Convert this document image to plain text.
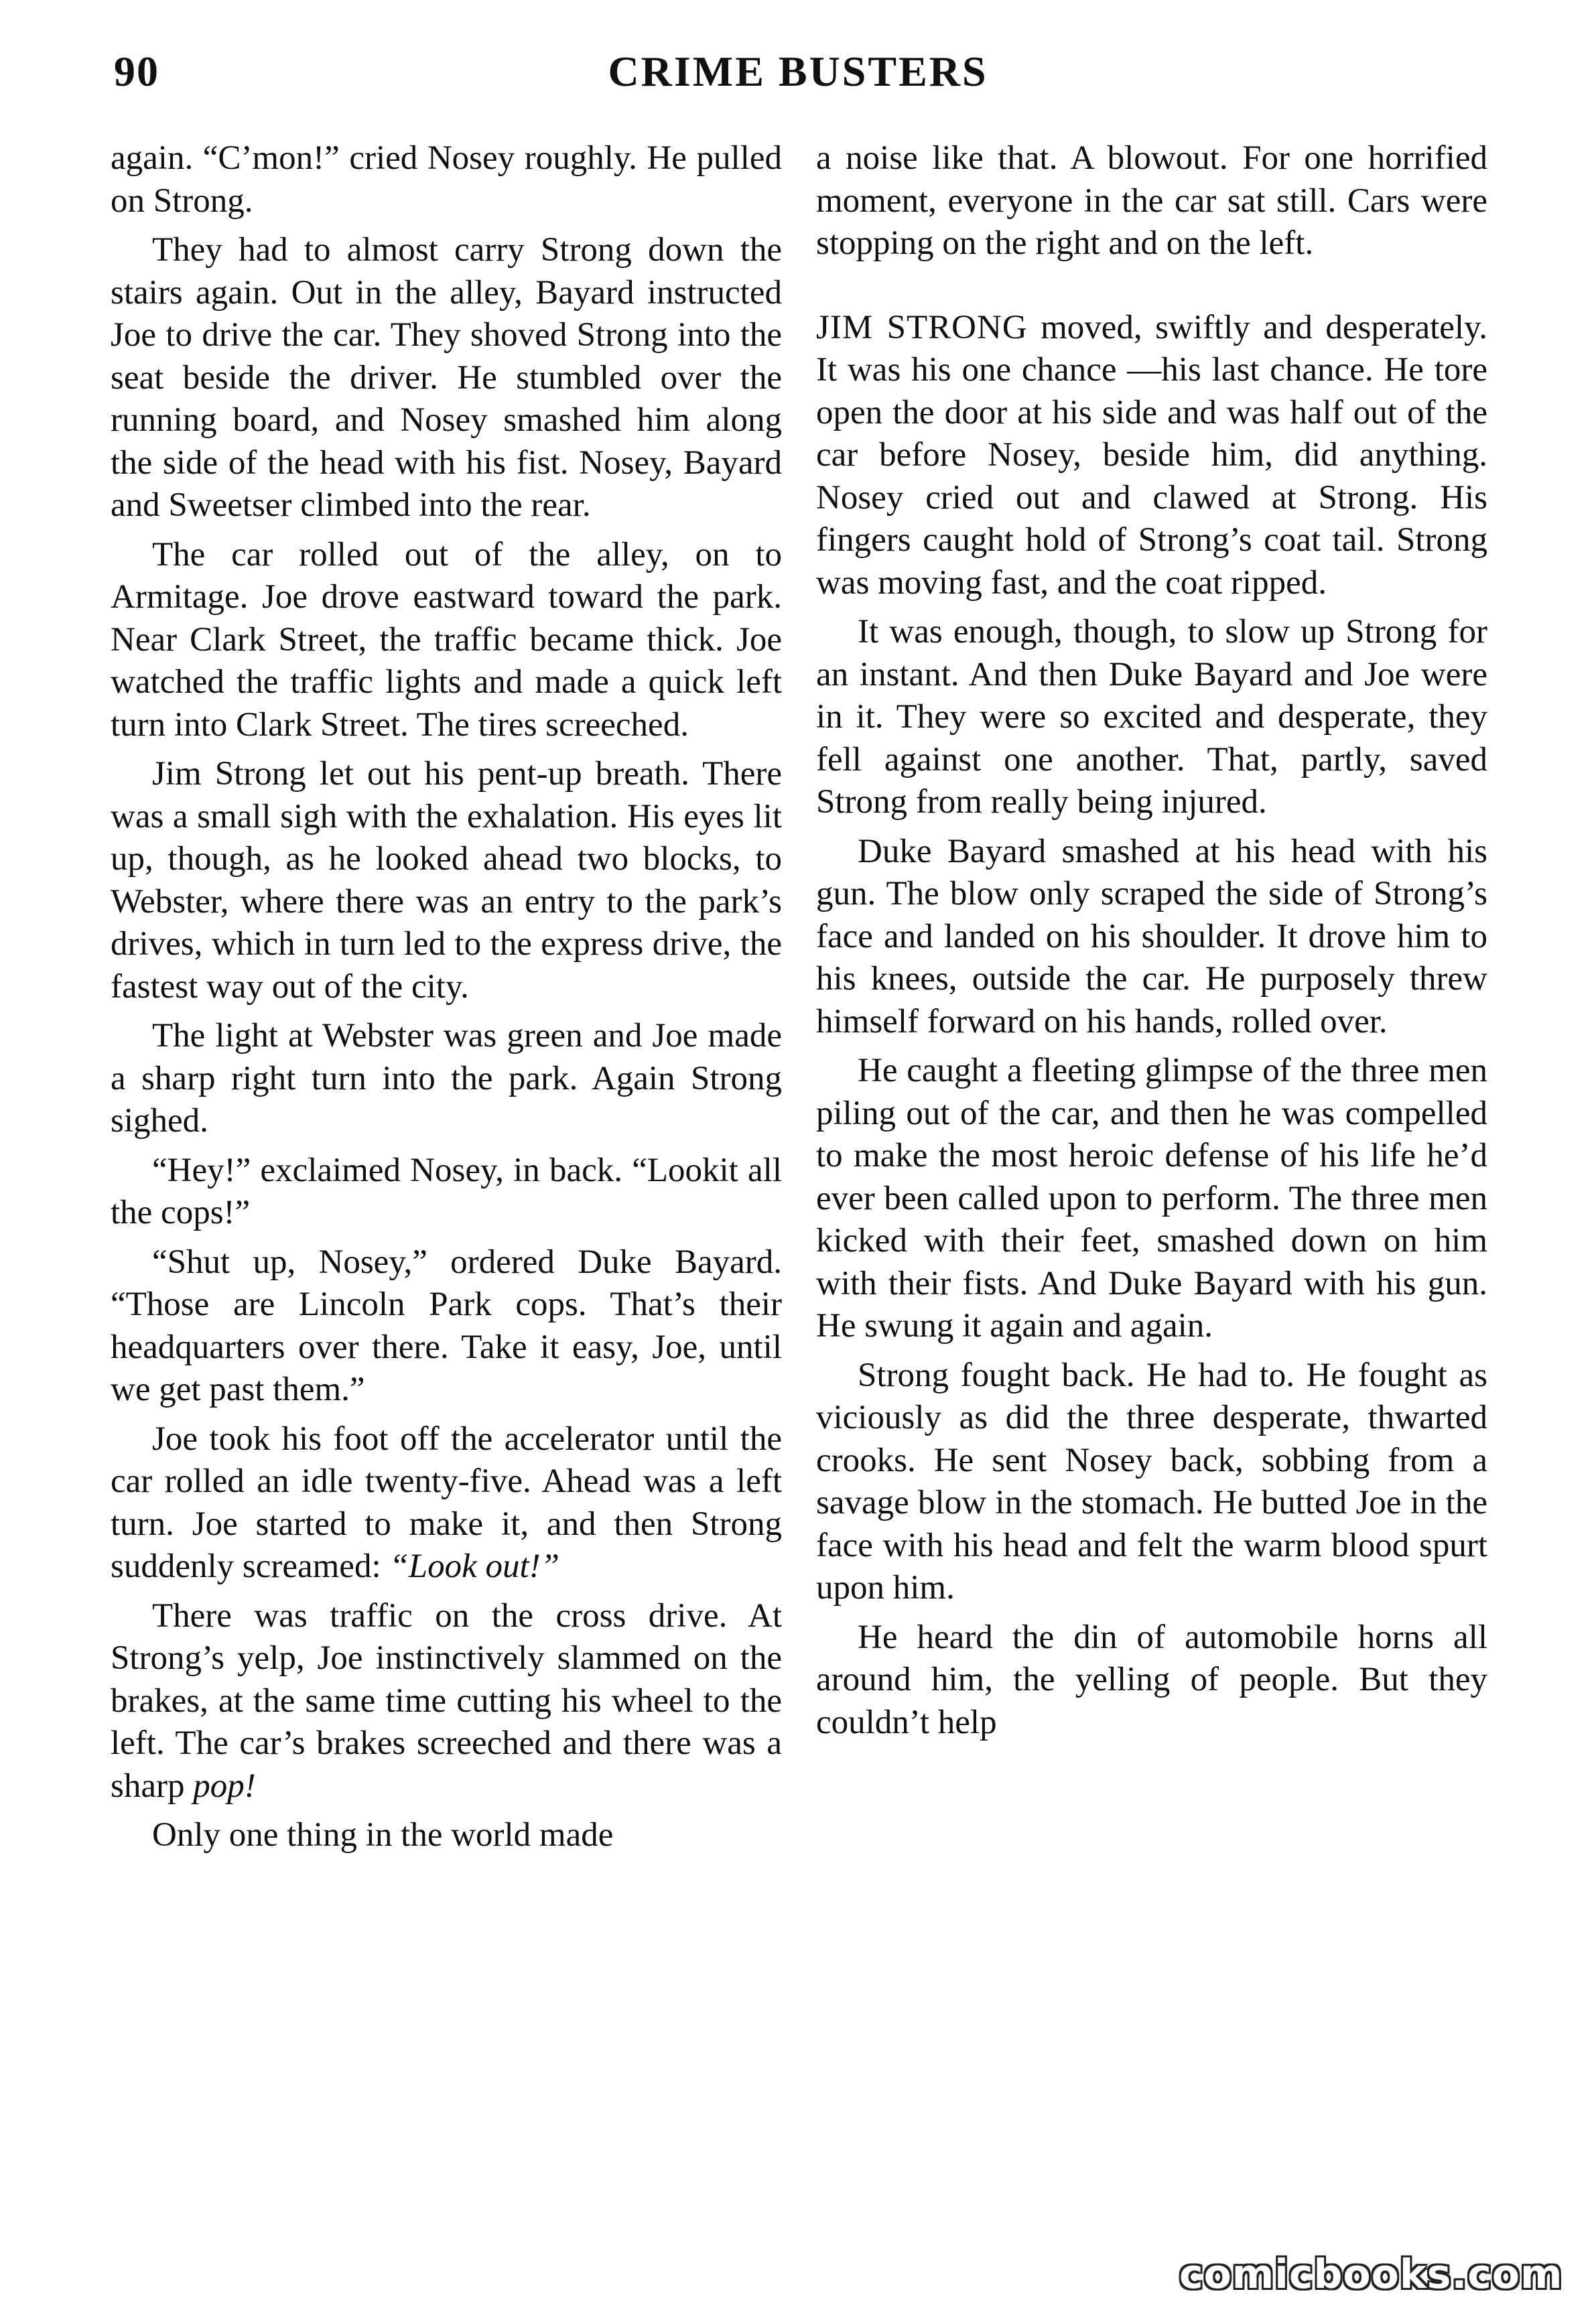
90	CRIME BUSTERS

again. “C’mon!” cried Nosey roughly. He pulled on Strong.

They had to almost carry Strong down the stairs again. Out in the alley, Bayard instructed Joe to drive the car. They shoved Strong into the seat beside the driver. He stumbled over the running board, and Nosey smashed him along the side of the head with his fist. Nosey, Bayard and Sweetser climbed into the rear.

The car rolled out of the alley, on to Armitage. Joe drove eastward toward the park. Near Clark Street, the traffic became thick. Joe watched the traffic lights and made a quick left turn into Clark Street. The tires screeched.

Jim Strong let out his pent-up breath. There was a small sigh with the exhalation. His eyes lit up, though, as he looked ahead two blocks, to Webster, where there was an entry to the park’s drives, which in turn led to the express drive, the fastest way out of the city.

The light at Webster was green and Joe made a sharp right turn into the park. Again Strong sighed.

“Hey!” exclaimed Nosey, in back. “Lookit all the cops!”

“Shut up, Nosey,” ordered Duke Bayard. “Those are Lincoln Park cops. That’s their headquarters over there. Take it easy, Joe, until we get past them.”

Joe took his foot off the accelerator until the car rolled an idle twenty-five. Ahead was a left turn. Joe started to make it, and then Strong suddenly screamed: “Look out!”

There was traffic on the cross drive. At Strong’s yelp, Joe instinctively slammed on the brakes, at the same time cutting his wheel to the left. The car’s brakes screeched and there was a sharp pop!

Only one thing in the world made

a noise like that. A blowout. For one horrified moment, everyone in the car sat still. Cars were stopping on the right and on the left.

JIM STRONG moved, swiftly and desperately. It was his one chance —his last chance. He tore open the door at his side and was half out of the car before Nosey, beside him, did anything. Nosey cried out and clawed at Strong. His fingers caught hold of Strong’s coat tail. Strong was moving fast, and the coat ripped.

It was enough, though, to slow up Strong for an instant. And then Duke Bayard and Joe were in it. They were so excited and desperate, they fell against one another. That, partly, saved Strong from really being injured.

Duke Bayard smashed at his head with his gun. The blow only scraped the side of Strong’s face and landed on his shoulder. It drove him to his knees, outside the car. He purposely threw himself forward on his hands, rolled over.

He caught a fleeting glimpse of the three men piling out of the car, and then he was compelled to make the most heroic defense of his life he’d ever been called upon to perform. The three men kicked with their feet, smashed down on him with their fists. And Duke Bayard with his gun. He swung it again and again.

Strong fought back. He had to. He fought as viciously as did the three desperate, thwarted crooks. He sent Nosey back, sobbing from a savage blow in the stomach. He butted Joe in the face with his head and felt the warm blood spurt upon him.

He heard the din of automobile horns all around him, the yelling of people. But they couldn’t help

comicbooks.com
